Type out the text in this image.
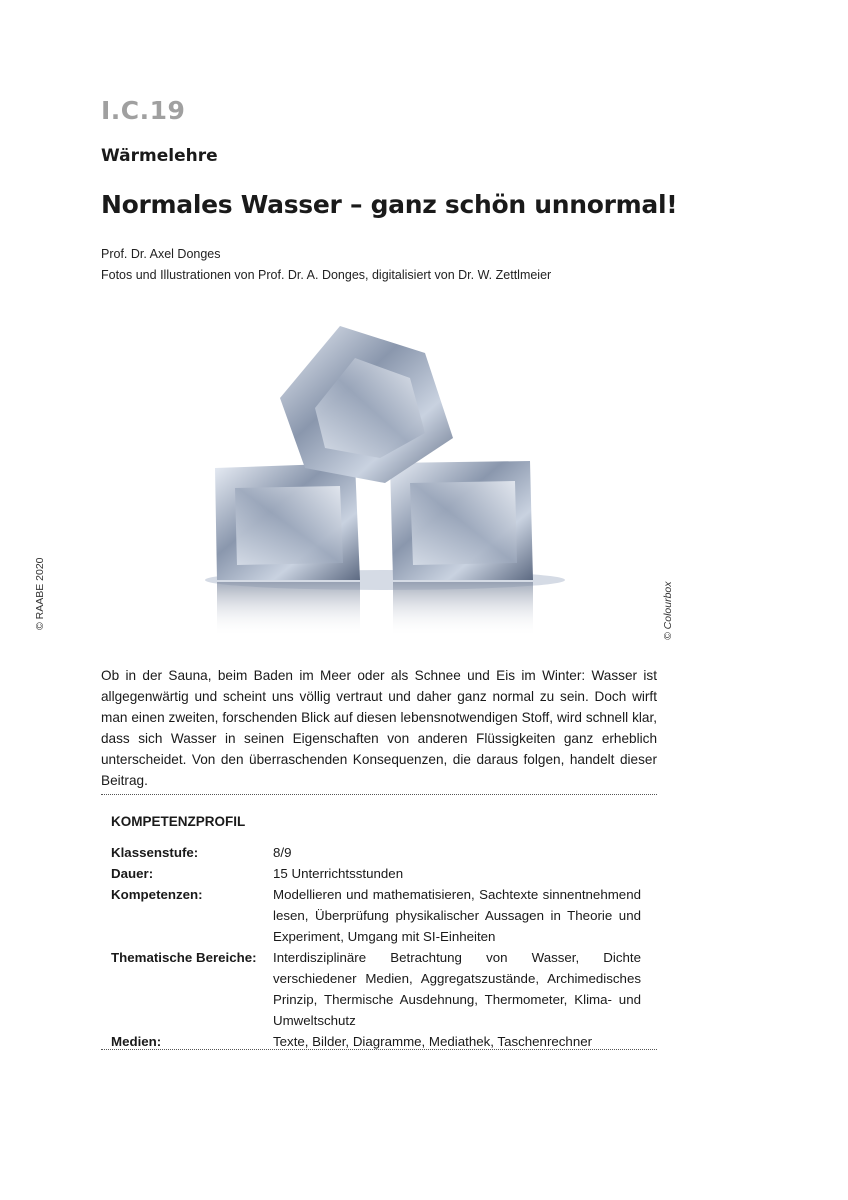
I.C.19
Wärmelehre
Normales Wasser – ganz schön unnormal!
Prof. Dr. Axel Donges
Fotos und Illustrationen von Prof. Dr. A. Donges, digitalisiert von Dr. W. Zettlmeier
© RAABE 2020	© Colourbox
Ob in der Sauna, beim Baden im Meer oder als Schnee und Eis im Winter: Wasser ist allgegenwärtig und scheint uns völlig vertraut und daher ganz normal zu sein. Doch wirft man einen zweiten, forschenden Blick auf diesen lebensnotwendigen Stoff, wird schnell klar, dass sich Wasser in seinen Eigenschaften von anderen Flüssigkeiten ganz erheblich unterscheidet. Von den überraschenden Konsequenzen, die daraus folgen, handelt dieser Beitrag.
KOMPETENZPROFIL
Klassenstufe:	8/9
Dauer:	15 Unterrichtsstunden
Kompetenzen:	Modellieren und mathematisieren, Sachtexte sinnentnehmend lesen, Überprüfung physikalischer Aussagen in Theorie und Experiment, Umgang mit SI-Einheiten
Thematische Bereiche:	Interdisziplinäre Betrachtung von Wasser, Dichte verschiedener Medien, Aggregatszustände, Archimedisches Prinzip, Thermische Ausdehnung, Thermometer, Klima- und Umweltschutz
Medien:	Texte, Bilder, Diagramme, Mediathek, Taschenrechner
